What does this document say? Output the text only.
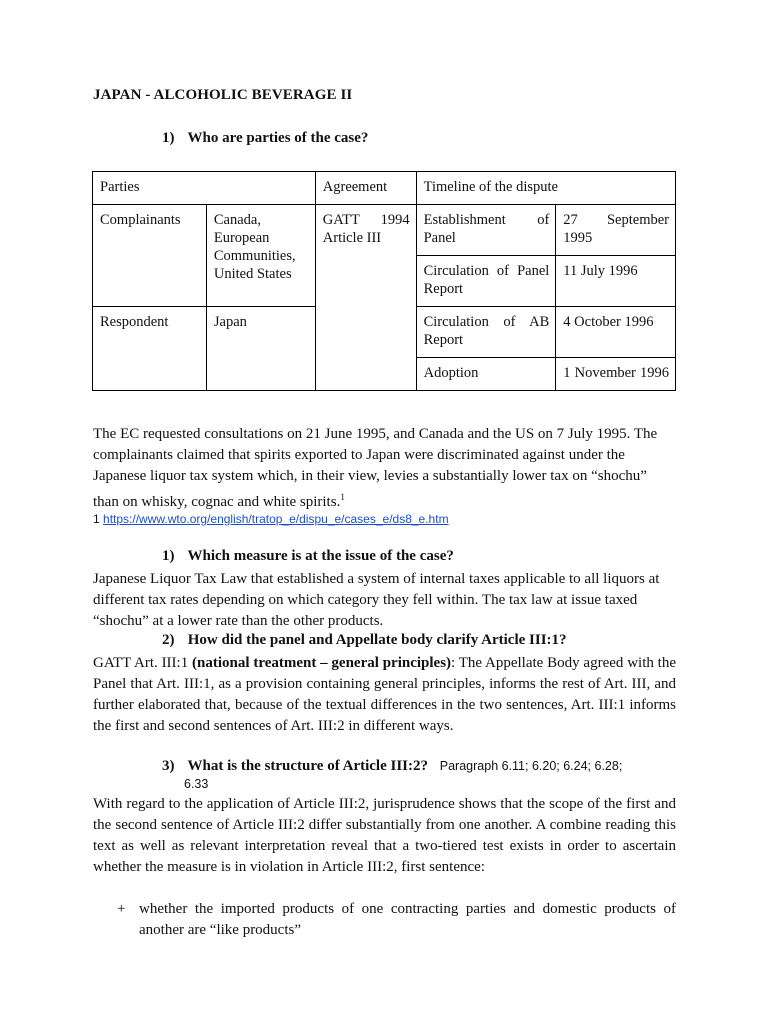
JAPAN - ALCOHOLIC BEVERAGE II
1) Who are parties of the case?
Parties		Agreement	Timeline of the dispute	
Complainants	Canada, European Communities, United States	GATT 1994 Article III	Establishment of Panel	27 September 1995
			Circulation of Panel Report	11 July 1996
Respondent	Japan		Circulation of AB Report	4 October 1996
			Adoption	1 November 1996
The EC requested consultations on 21 June 1995, and Canada and the US on 7 July 1995. The complainants claimed that spirits exported to Japan were discriminated against under the Japanese liquor tax system which, in their view, levies a substantially lower tax on “shochu” than on whisky, cognac and white spirits.$^1$
1 https://www.wto.org/english/tratop_e/dispu_e/cases_e/ds8_e.htm
1) Which measure is at the issue of the case?
Japanese Liquor Tax Law that established a system of internal taxes applicable to all liquors at different tax rates depending on which category they fell within. The tax law at issue taxed “shochu” at a lower rate than the other products.
2) How did the panel and Appellate body clarify Article III:1?
GATT Art. III:1 (national treatment – general principles): The Appellate Body agreed with the Panel that Art. III:1, as a provision containing general principles, informs the rest of Art. III, and further elaborated that, because of the textual differences in the two sentences, Art. III:1 informs the first and second sentences of Art. III:2 in different ways.
3) What is the structure of Article III:2? Paragraph 6.11; 6.20; 6.24; 6.28;
6.33
With regard to the application of Article III:2, jurisprudence shows that the scope of the first and the second sentence of Article III:2 differ substantially from one another. A combine reading this text as well as relevant interpretation reveal that a two-tiered test exists in order to ascertain whether the measure is in violation in Article III:2, first sentence:
+ whether the imported products of one contracting parties and domestic products of another are “like products”
